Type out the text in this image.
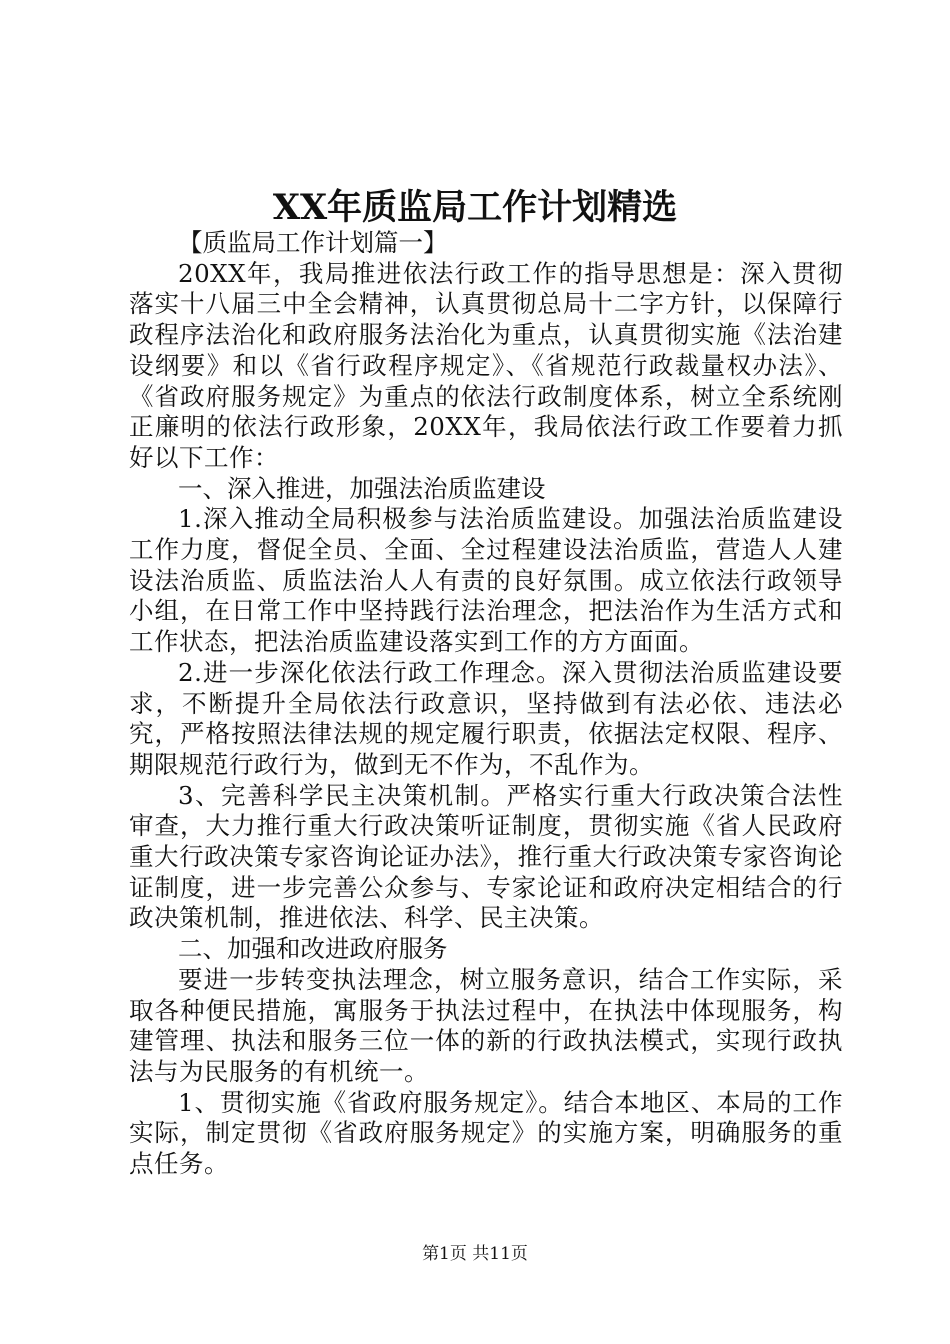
XX年质监局工作计划精选

【质监局工作计划篇一】

20XX年，我局推进依法行政工作的指导思想是：深入贯彻落实十八届三中全会精神，认真贯彻总局十二字方针，以保障行政程序法治化和政府服务法治化为重点，认真贯彻实施《法治建设纲要》和以《省行政程序规定》、《省规范行政裁量权办法》、《省政府服务规定》为重点的依法行政制度体系，树立全系统刚正廉明的依法行政形象，20XX年，我局依法行政工作要着力抓好以下工作：

一、深入推进，加强法治质监建设

1.深入推动全局积极参与法治质监建设。加强法治质监建设工作力度，督促全员、全面、全过程建设法治质监，营造人人建设法治质监、质监法治人人有责的良好氛围。成立依法行政领导小组，在日常工作中坚持践行法治理念，把法治作为生活方式和工作状态，把法治质监建设落实到工作的方方面面。

2.进一步深化依法行政工作理念。深入贯彻法治质监建设要求，不断提升全局依法行政意识，坚持做到有法必依、违法必究，严格按照法律法规的规定履行职责，依据法定权限、程序、期限规范行政行为，做到无不作为，不乱作为。

3、完善科学民主决策机制。严格实行重大行政决策合法性审查，大力推行重大行政决策听证制度，贯彻实施《省人民政府重大行政决策专家咨询论证办法》，推行重大行政决策专家咨询论证制度，进一步完善公众参与、专家论证和政府决定相结合的行政决策机制，推进依法、科学、民主决策。

二、加强和改进政府服务

要进一步转变执法理念，树立服务意识，结合工作实际，采取各种便民措施，寓服务于执法过程中，在执法中体现服务，构建管理、执法和服务三位一体的新的行政执法模式，实现行政执法与为民服务的有机统一。

1、贯彻实施《省政府服务规定》。结合本地区、本局的工作实际，制定贯彻《省政府服务规定》的实施方案，明确服务的重点任务。

第1页 共11页
